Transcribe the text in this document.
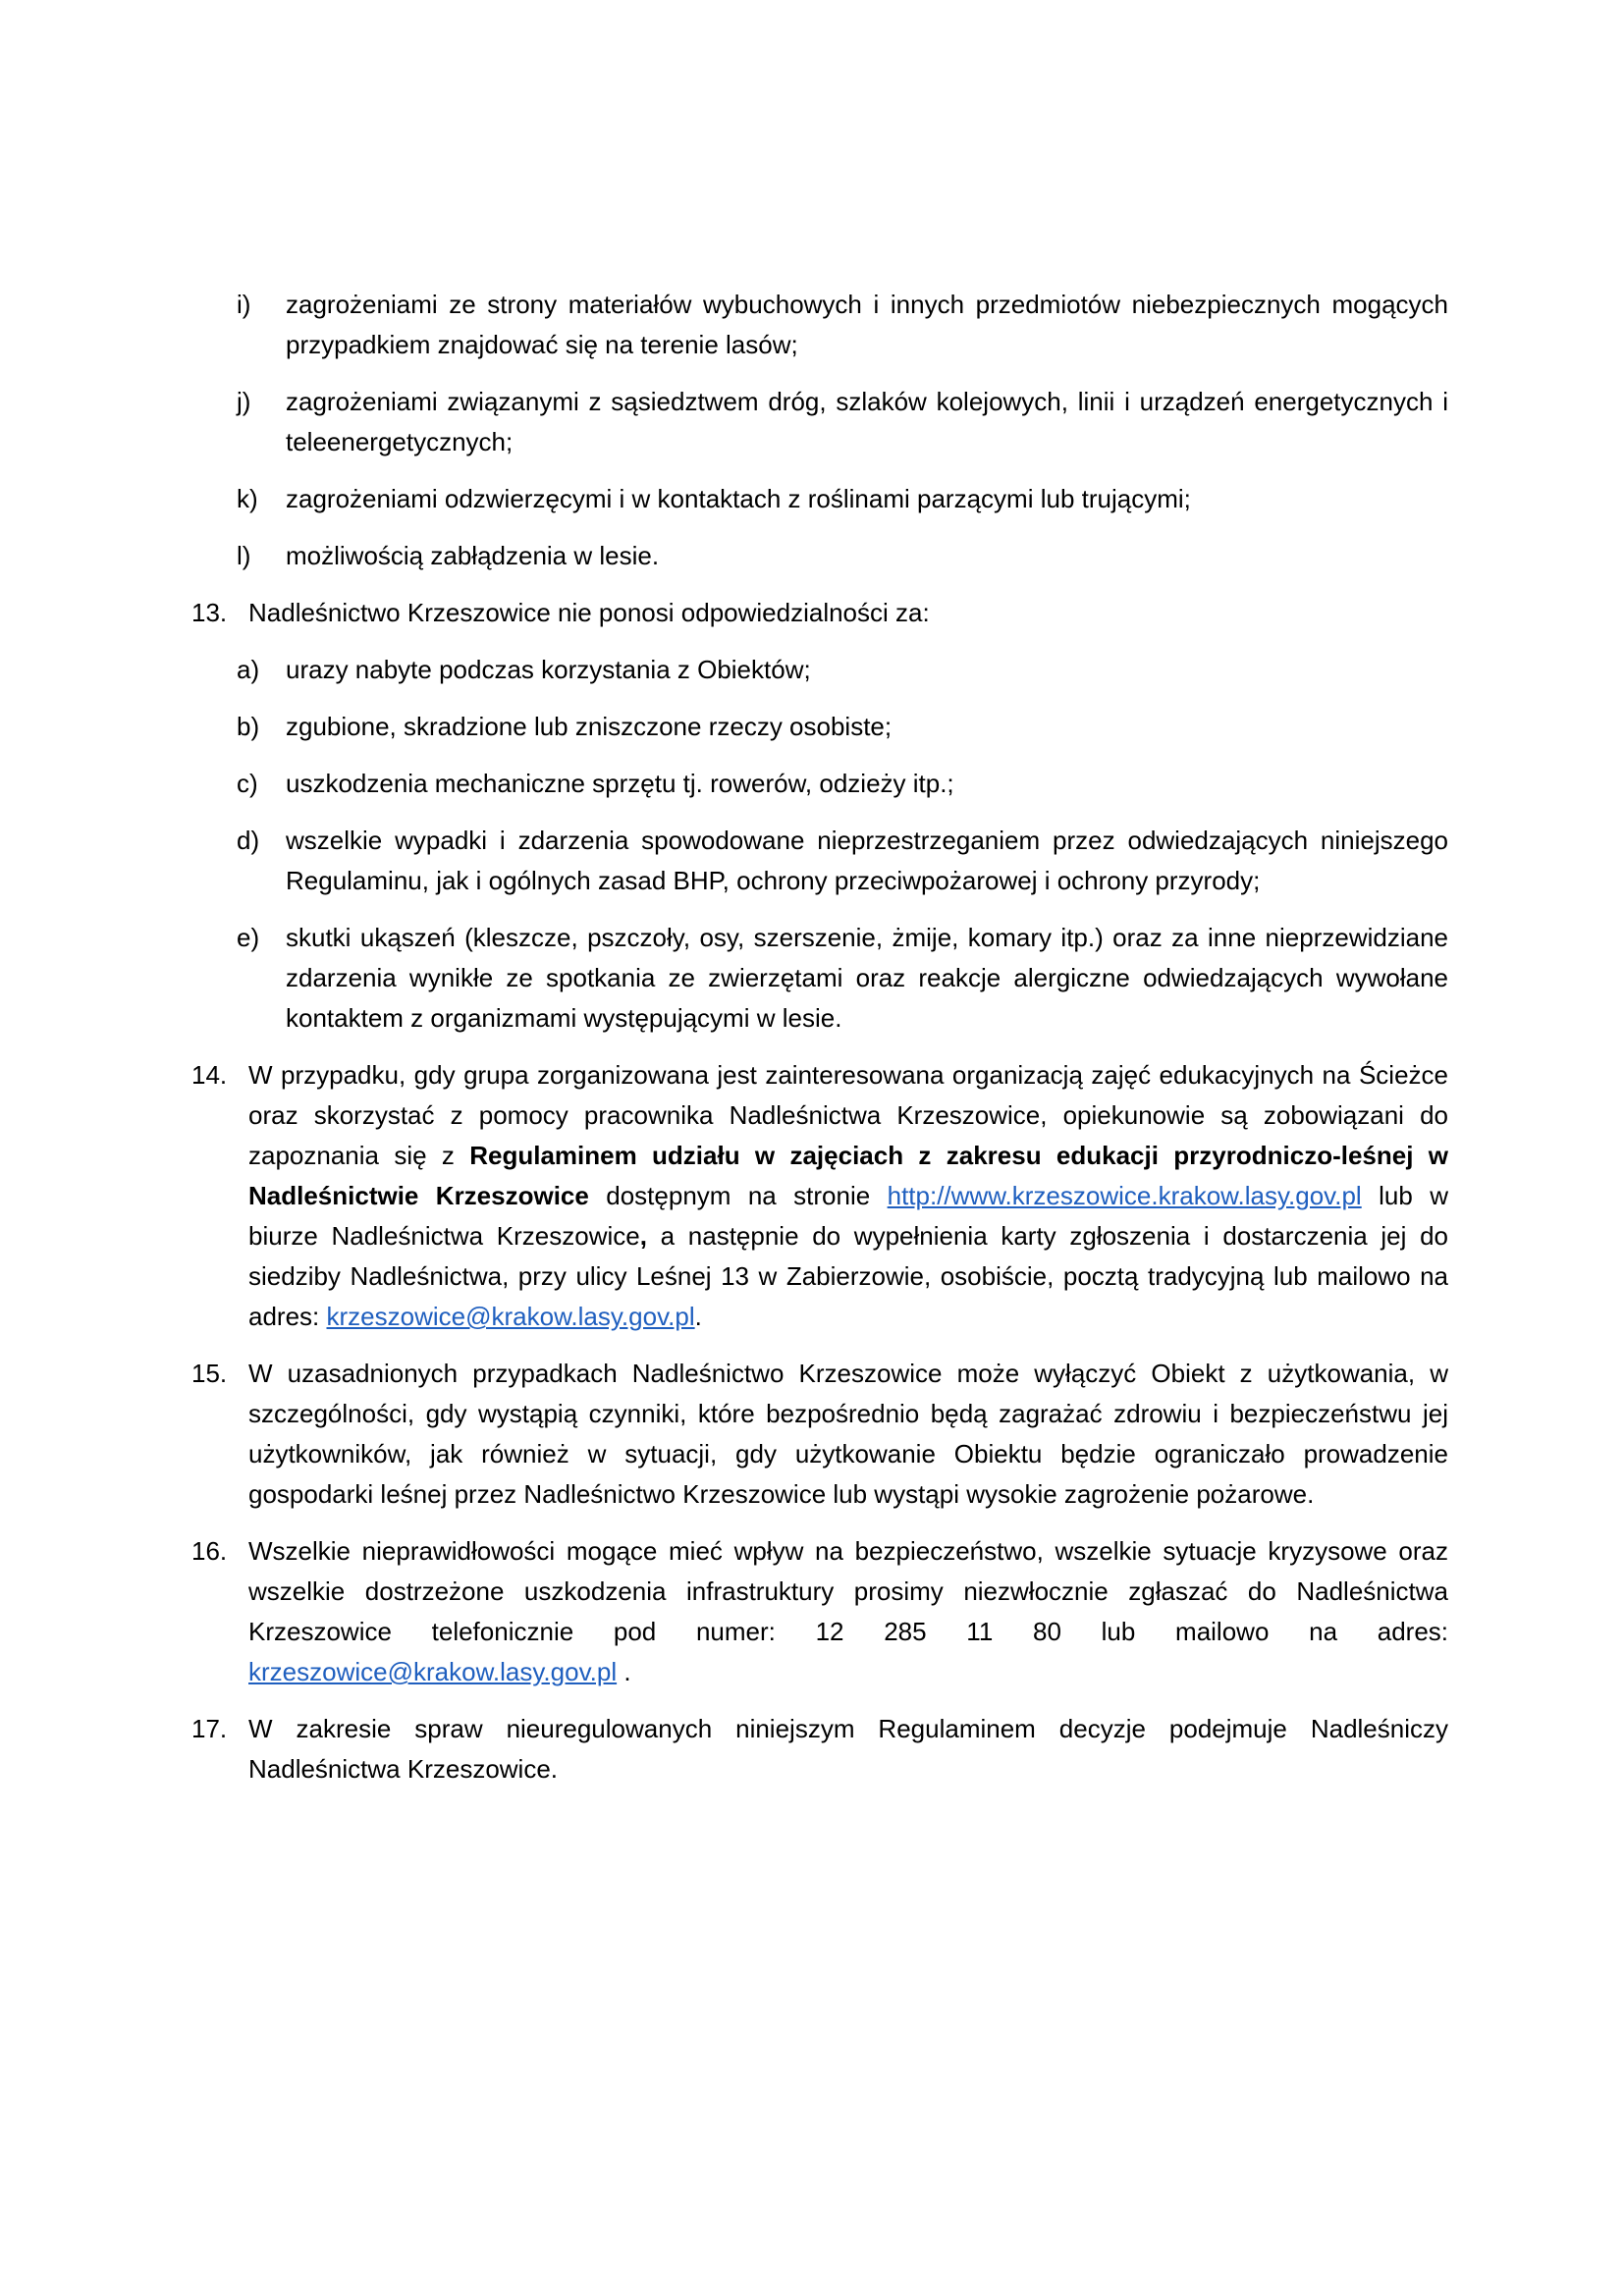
i) zagrożeniami ze strony materiałów wybuchowych i innych przedmiotów niebezpiecznych mogących przypadkiem znajdować się na terenie lasów;
j) zagrożeniami związanymi z sąsiedztwem dróg, szlaków kolejowych, linii i urządzeń energetycznych i teleenergetycznych;
k) zagrożeniami odzwierzęcymi i w kontaktach z roślinami parzącymi lub trującymi;
l) możliwością zabłądzenia w lesie.
13. Nadleśnictwo Krzeszowice nie ponosi odpowiedzialności za:
a) urazy nabyte podczas korzystania z Obiektów;
b) zgubione, skradzione lub zniszczone rzeczy osobiste;
c) uszkodzenia mechaniczne sprzętu tj. rowerów, odzieży itp.;
d) wszelkie wypadki i zdarzenia spowodowane nieprzestrzeganiem przez odwiedzających niniejszego Regulaminu, jak i ogólnych zasad BHP, ochrony przeciwpożarowej i ochrony przyrody;
e) skutki ukąszeń (kleszcze, pszczoły, osy, szerszenie, żmije, komary itp.) oraz za inne nieprzewidziane zdarzenia wynikłe ze spotkania ze zwierzętami oraz reakcje alergiczne odwiedzających wywołane kontaktem z organizmami występującymi w lesie.
14. W przypadku, gdy grupa zorganizowana jest zainteresowana organizacją zajęć edukacyjnych na Ścieżce oraz skorzystać z pomocy pracownika Nadleśnictwa Krzeszowice, opiekunowie są zobowiązani do zapoznania się z Regulaminem udziału w zajęciach z zakresu edukacji przyrodniczo-leśnej w Nadleśnictwie Krzeszowice dostępnym na stronie http://www.krzeszowice.krakow.lasy.gov.pl lub w biurze Nadleśnictwa Krzeszowice, a następnie do wypełnienia karty zgłoszenia i dostarczenia jej do siedziby Nadleśnictwa, przy ulicy Leśnej 13 w Zabierzowie, osobiście, pocztą tradycyjną lub mailowo na adres: krzeszowice@krakow.lasy.gov.pl.
15. W uzasadnionych przypadkach Nadleśnictwo Krzeszowice może wyłączyć Obiekt z użytkowania, w szczególności, gdy wystąpią czynniki, które bezpośrednio będą zagrażać zdrowiu i bezpieczeństwu jej użytkowników, jak również w sytuacji, gdy użytkowanie Obiektu będzie ograniczało prowadzenie gospodarki leśnej przez Nadleśnictwo Krzeszowice lub wystąpi wysokie zagrożenie pożarowe.
16. Wszelkie nieprawidłowości mogące mieć wpływ na bezpieczeństwo, wszelkie sytuacje kryzysowe oraz wszelkie dostrzeżone uszkodzenia infrastruktury prosimy niezwłocznie zgłaszać do Nadleśnictwa Krzeszowice telefonicznie pod numer: 12 285 11 80 lub mailowo na adres: krzeszowice@krakow.lasy.gov.pl .
17. W zakresie spraw nieuregulowanych niniejszym Regulaminem decyzje podejmuje Nadleśniczy Nadleśnictwa Krzeszowice.
